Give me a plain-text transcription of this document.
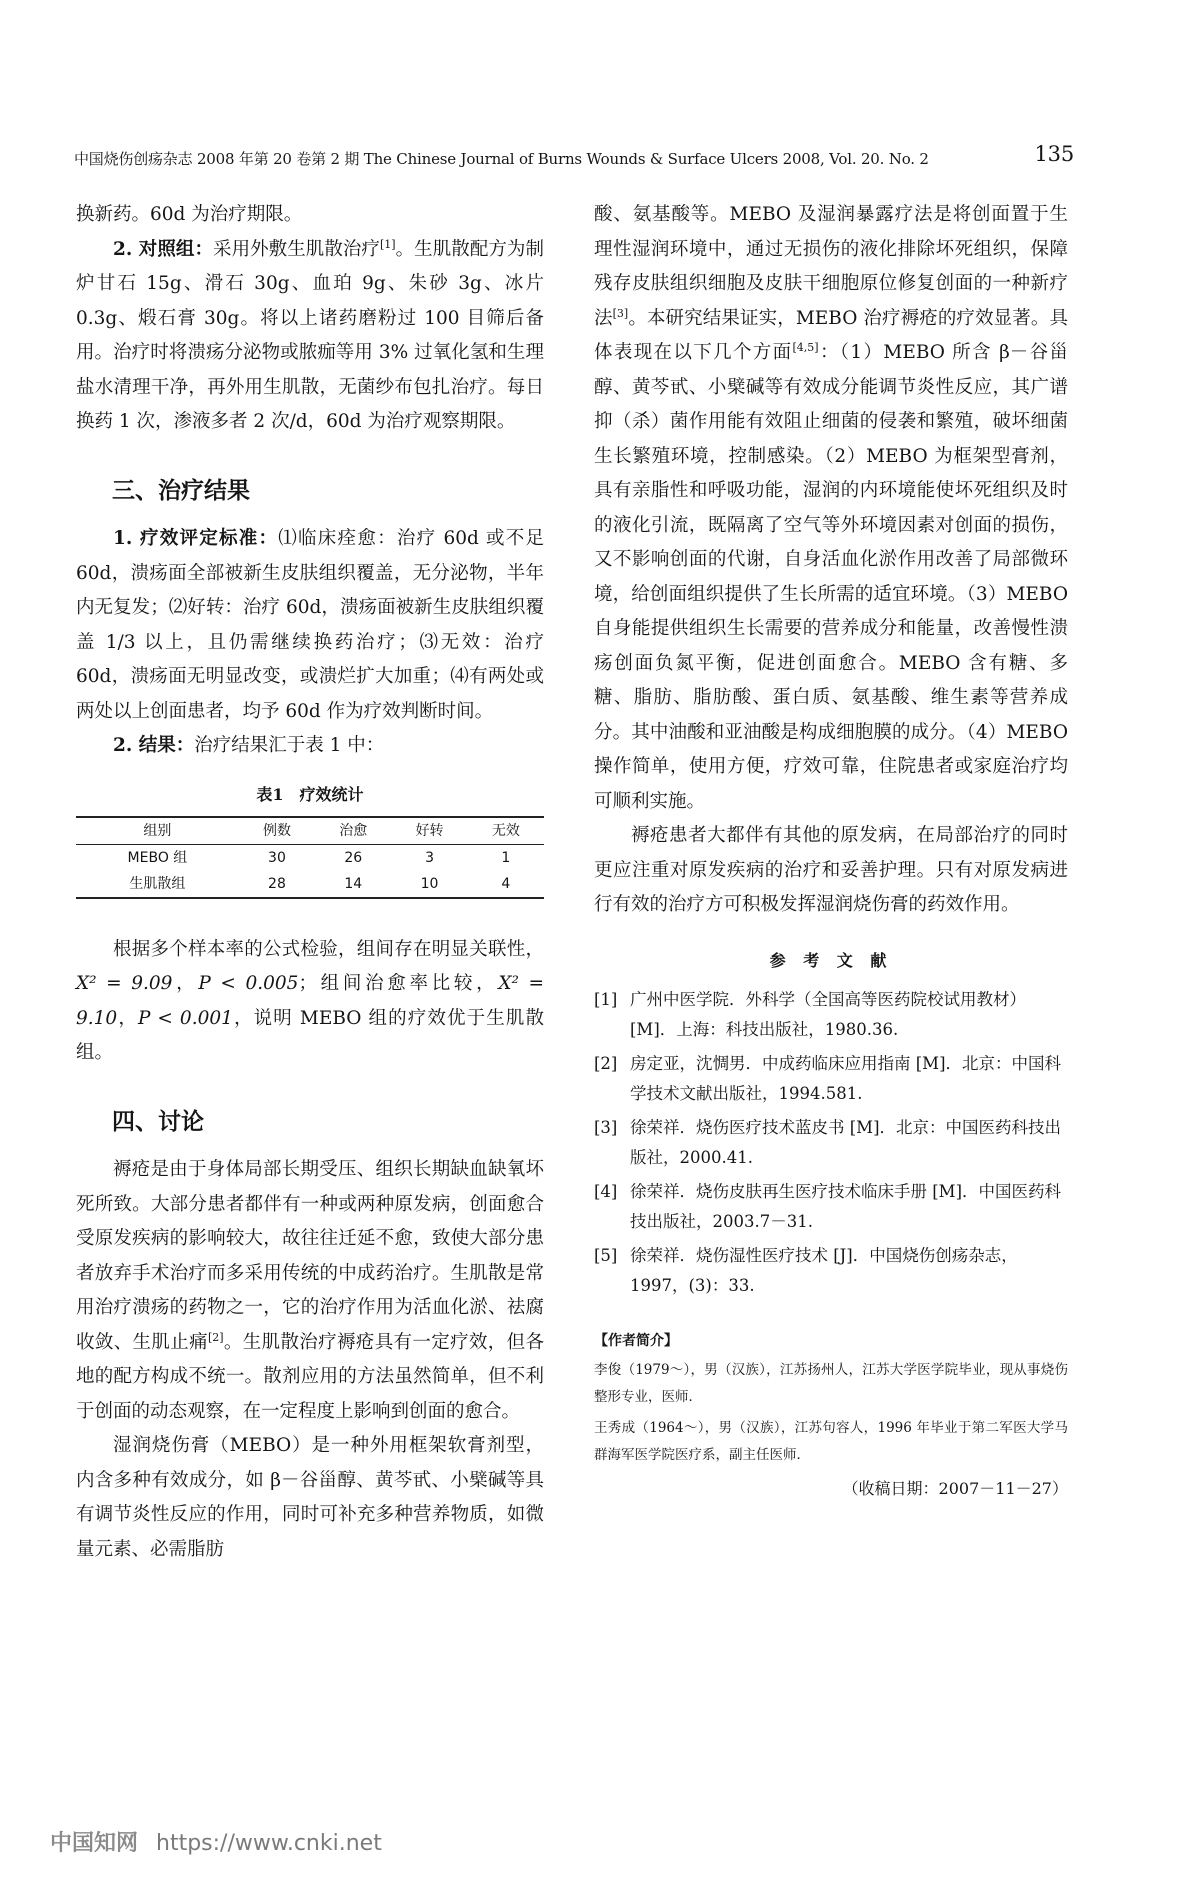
中国烧伤创疡杂志 2008 年第 20 卷第 2 期 The Chinese Journal of Burns Wounds & Surface Ulcers 2008, Vol. 20. No. 2	135

换新药。60d 为治疗期限。

2. 对照组：采用外敷生肌散治疗[1]。生肌散配方为制炉甘石 15g、滑石 30g、血珀 9g、朱砂 3g、冰片 0.3g、煅石膏 30g。将以上诸药磨粉过 100 目筛后备用。治疗时将溃疡分泌物或脓痂等用 3% 过氧化氢和生理盐水清理干净，再外用生肌散，无菌纱布包扎治疗。每日换药 1 次，渗液多者 2 次/d，60d 为治疗观察期限。

三、治疗结果

1. 疗效评定标准：⑴临床痊愈：治疗 60d 或不足 60d，溃疡面全部被新生皮肤组织覆盖，无分泌物，半年内无复发；⑵好转：治疗 60d，溃疡面被新生皮肤组织覆盖 1/3 以上，且仍需继续换药治疗；⑶无效：治疗 60d，溃疡面无明显改变，或溃烂扩大加重；⑷有两处或两处以上创面患者，均予 60d 作为疗效判断时间。

2. 结果：治疗结果汇于表 1 中：

表1　疗效统计
组别	例数	治愈	好转	无效
MEBO 组	30	26	3	1
生肌散组	28	14	10	4

根据多个样本率的公式检验，组间存在明显关联性，X² = 9.09，P < 0.005；组间治愈率比较，X² = 9.10，P < 0.001，说明 MEBO 组的疗效优于生肌散组。

四、讨论

褥疮是由于身体局部长期受压、组织长期缺血缺氧坏死所致。大部分患者都伴有一种或两种原发病，创面愈合受原发疾病的影响较大，故往往迁延不愈，致使大部分患者放弃手术治疗而多采用传统的中成药治疗。生肌散是常用治疗溃疡的药物之一，它的治疗作用为活血化淤、祛腐收敛、生肌止痛[2]。生肌散治疗褥疮具有一定疗效，但各地的配方构成不统一。散剂应用的方法虽然简单，但不利于创面的动态观察，在一定程度上影响到创面的愈合。

湿润烧伤膏（MEBO）是一种外用框架软膏剂型，内含多种有效成分，如 β－谷甾醇、黄芩甙、小檗碱等具有调节炎性反应的作用，同时可补充多种营养物质，如微量元素、必需脂肪

酸、氨基酸等。MEBO 及湿润暴露疗法是将创面置于生理性湿润环境中，通过无损伤的液化排除坏死组织，保障残存皮肤组织细胞及皮肤干细胞原位修复创面的一种新疗法[3]。本研究结果证实，MEBO 治疗褥疮的疗效显著。具体表现在以下几个方面[4,5]：（1）MEBO 所含 β－谷甾醇、黄芩甙、小檗碱等有效成分能调节炎性反应，其广谱抑（杀）菌作用能有效阻止细菌的侵袭和繁殖，破坏细菌生长繁殖环境，控制感染。（2）MEBO 为框架型膏剂，具有亲脂性和呼吸功能，湿润的内环境能使坏死组织及时的液化引流，既隔离了空气等外环境因素对创面的损伤，又不影响创面的代谢，自身活血化淤作用改善了局部微环境，给创面组织提供了生长所需的适宜环境。（3）MEBO 自身能提供组织生长需要的营养成分和能量，改善慢性溃疡创面负氮平衡，促进创面愈合。MEBO 含有糖、多糖、脂肪、脂肪酸、蛋白质、氨基酸、维生素等营养成分。其中油酸和亚油酸是构成细胞膜的成分。（4）MEBO 操作简单，使用方便，疗效可靠，住院患者或家庭治疗均可顺利实施。

褥疮患者大都伴有其他的原发病，在局部治疗的同时更应注重对原发疾病的治疗和妥善护理。只有对原发病进行有效的治疗方可积极发挥湿润烧伤膏的药效作用。

参 考 文 献
[1] 广州中医学院．外科学（全国高等医药院校试用教材）[M]．上海：科技出版社，1980.36.
[2] 房定亚，沈惆男．中成药临床应用指南 [M]．北京：中国科学技术文献出版社，1994.581.
[3] 徐荣祥．烧伤医疗技术蓝皮书 [M]．北京：中国医药科技出版社，2000.41.
[4] 徐荣祥．烧伤皮肤再生医疗技术临床手册 [M]．中国医药科技出版社，2003.7－31.
[5] 徐荣祥．烧伤湿性医疗技术 [J]．中国烧伤创疡杂志，1997，(3)：33.
【作者简介】

李俊（1979～），男（汉族），江苏扬州人，江苏大学医学院毕业，现从事烧伤整形专业，医师．

王秀成（1964～），男（汉族），江苏句容人，1996 年毕业于第二军医大学马群海军医学院医疗系，副主任医师．

（收稿日期：2007－11－27）
中国知网 https://www.cnki.net
